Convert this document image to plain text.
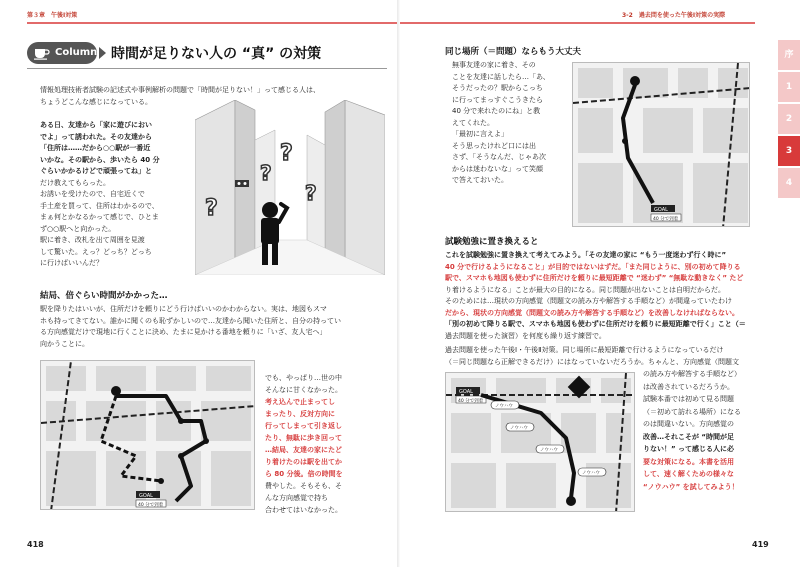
第３章　午後Ⅰ対策
Column 時間が足りない人の “真” の対策
情報処理技術者試験の記述式や事例解析の問題で「時間が足りない！」って感じる人は、
ちょうどこんな感じになっている。
ある日、友達から「家に遊びにおい
でよ」って誘われた。その友達から
「住所は……だから○○駅が一番近
いかな。その駅から、歩いたら 40 分
ぐらいかかるけどで頑張ってね」と
だけ教えてもらった。
お誘いを受けたので、自宅近くで
手土産を買って、住所はわかるので、
まぁ何とかなるかって感じで、ひとま
ず○○駅へと向かった。
駅に着き、改札を出て周囲を見渡
して驚いた。えっ？どっち？どっち
に行けばいいんだ？
?
?
?
?
結局、倍ぐらい時間がかかった…
駅を降りたはいいが、住所だけを頼りにどう行けばいいのかわからない。実は、地図もスマ
ホも持ってきてない。誰かに聞くのも恥ずかしいので…友達から聞いた住所と、自分の持ってい
る方向感覚だけで現地に行くことに決め、たまに見かける番地を頼りに「いざ、友人宅へ」
向かうことに。
GOAL
40 分で到着
でも、やっぱり…世の中
そんなに甘くなかった。
考え込んで止まってし
まったり、反対方向に
行ってしまって引き返し
たり、無駄に歩き回って
…結局、友達の家にたど
り着けたのは駅を出てか
ら 80 分後。倍の時間を
費やした。そもそも、そ
んな方向感覚で持ち
合わせてはいなかった。
418
3-2　過去問を使った午後Ⅰ対策の実際
同じ場所（＝問題）ならもう大丈夫
無事友達の家に着き、その
ことを友達に話したら…「あ、
そうだったの？駅からこっち
に行ってまっすぐこうきたら
40 分で来れたのにね」と教
えてくれた。
「最初に言えよ」
そう思ったけれど口には出
さず、「そうなんだ、じゃあ次
からは迷わないな」って笑顔
で答えておいた。
GOAL
40 分で到着
試験勉強に置き換えると
これを試験勉強に置き換えて考えてみよう。「その友達の家に “もう一度迷わず行く時に”
40 分で行けるようになること」が目的ではないはずだ。「また同じように、別の初めて降りる
駅で、スマホも地図も使わずに住所だけを頼りに最短距離で “迷わず” “無駄な動きなく” たど
り着けるようになる」ことが最大の目的になる。同じ問題が出ないことは自明だからだ。
そのためには…現状の方向感覚（問題文の読み方や解答する手順など）が間違っていたわけ
だから、現状の方向感覚（問題文の読み方や解答する手順など）を改善しなければならない。
「別の初めて降りる駅で、スマホも地図も使わずに住所だけを頼りに最短距離で行く」こと（＝
過去問題を使った演習）を何度も繰り返す練習で。
過去問題を使った午後Ⅰ・午後Ⅱ対策。同じ場所に最短距離で行けるようになっているだけ
（＝同じ問題なら正解できるだけ）にはなっていないだろうか。ちゃんと、方向感覚（問題文
GOAL
40 分で到着
ノウハウ
ノウハウ
ノウハウ
ノウハウ
の読み方や解答する手順など）
は改善されているだろうか。
試験本番では初めて見る問題
（＝初めて訪れる場所）になる
のは間違いない。方向感覚の
改善…それこそが “時間が足
りない！” って感じる人に必
要な対策になる。本書を活用
して、速く解くための様々な
“ノウハウ” を試してみよう！
419
序
1
2
3
4
